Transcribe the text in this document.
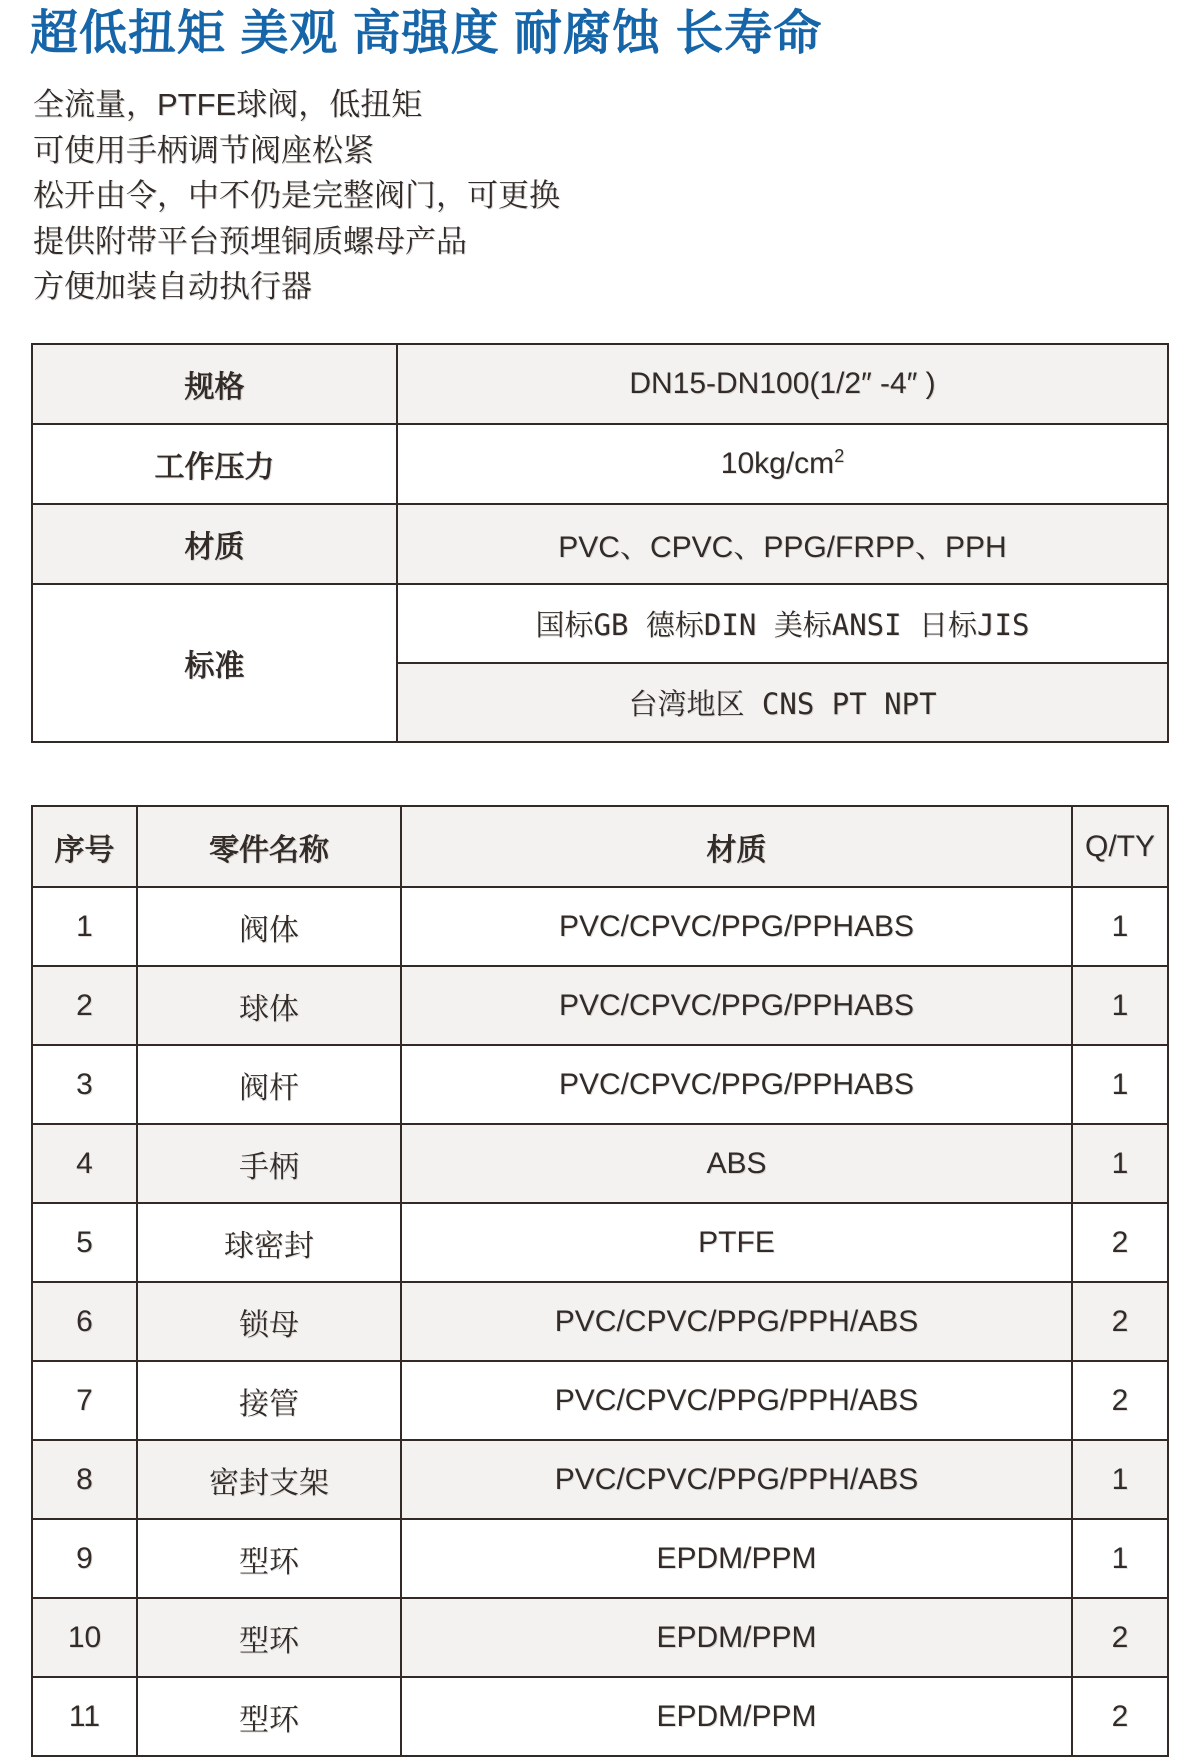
超低扭矩 美观 高强度 耐腐蚀 长寿命

全流量，PTFE球阀，低扭矩

可使用手柄调节阀座松紧

松开由令，中不仍是完整阀门，可更换

提供附带平台预埋铜质螺母产品

方便加装自动执行器

规格	DN15-DN100(1/2″ -4″ )
工作压力	$10kg/cm^2$
材质	PVC、CPVC、PPG/FRPP、PPH
标准	国标GB 德标DIN 美标ANSI 日标JIS
	台湾地区 CNS PT NPT
序号	零件名称	材质	Q/TY
1	阀体	PVC/CPVC/PPG/PPHABS	1
2	球体	PVC/CPVC/PPG/PPHABS	1
3	阀杆	PVC/CPVC/PPG/PPHABS	1
4	手柄	ABS	1
5	球密封	PTFE	2
6	锁母	PVC/CPVC/PPG/PPH/ABS	2
7	接管	PVC/CPVC/PPG/PPH/ABS	2
8	密封支架	PVC/CPVC/PPG/PPH/ABS	1
9	型环	EPDM/PPM	1
10	型环	EPDM/PPM	2
11	型环	EPDM/PPM	2
